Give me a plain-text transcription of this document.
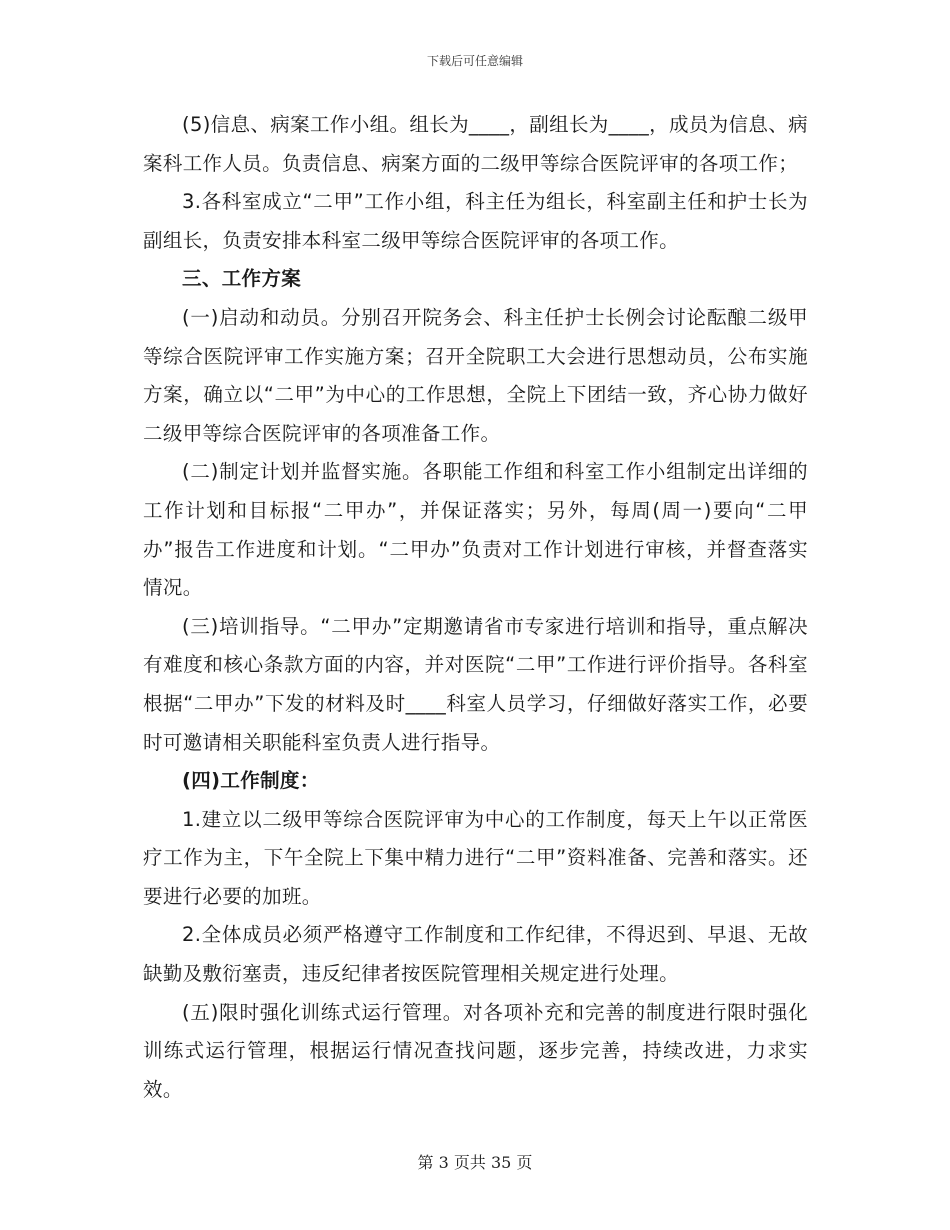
下载后可任意编辑

(5)信息、病案工作小组。组长为____，副组长为____，成员为信息、病案科工作人员。负责信息、病案方面的二级甲等综合医院评审的各项工作；

3.各科室成立“二甲”工作小组，科主任为组长，科室副主任和护士长为副组长，负责安排本科室二级甲等综合医院评审的各项工作。

三、工作方案

(一)启动和动员。分别召开院务会、科主任护士长例会讨论酝酿二级甲等综合医院评审工作实施方案；召开全院职工大会进行思想动员，公布实施方案，确立以“二甲”为中心的工作思想，全院上下团结一致，齐心协力做好二级甲等综合医院评审的各项准备工作。

(二)制定计划并监督实施。各职能工作组和科室工作小组制定出详细的工作计划和目标报“二甲办”，并保证落实；另外，每周(周一)要向“二甲办”报告工作进度和计划。“二甲办”负责对工作计划进行审核，并督查落实情况。

(三)培训指导。“二甲办”定期邀请省市专家进行培训和指导，重点解决有难度和核心条款方面的内容，并对医院“二甲”工作进行评价指导。各科室根据“二甲办”下发的材料及时____科室人员学习，仔细做好落实工作，必要时可邀请相关职能科室负责人进行指导。

(四)工作制度：

1.建立以二级甲等综合医院评审为中心的工作制度，每天上午以正常医疗工作为主，下午全院上下集中精力进行“二甲”资料准备、完善和落实。还要进行必要的加班。

2.全体成员必须严格遵守工作制度和工作纪律，不得迟到、早退、无故缺勤及敷衍塞责，违反纪律者按医院管理相关规定进行处理。

(五)限时强化训练式运行管理。对各项补充和完善的制度进行限时强化训练式运行管理，根据运行情况查找问题，逐步完善，持续改进，力求实效。

第 3 页共 35 页
